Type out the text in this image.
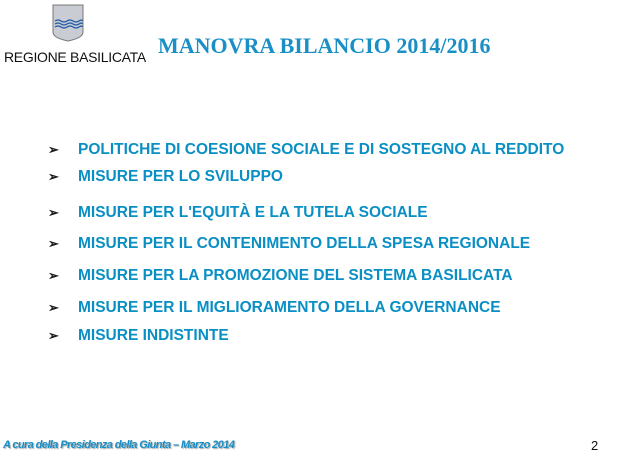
REGIONE BASILICATA MANOVRA BILANCIO 2014/2016
➢ POLITICHE DI COESIONE SOCIALE E DI SOSTEGNO AL REDDITO
➢ MISURE PER LO SVILUPPO
➢ MISURE PER L'EQUITÀ E LA TUTELA SOCIALE
➢ MISURE PER IL CONTENIMENTO DELLA SPESA REGIONALE
➢ MISURE PER LA PROMOZIONE DEL SISTEMA BASILICATA
➢ MISURE PER IL MIGLIORAMENTO DELLA GOVERNANCE
➢ MISURE INDISTINTE
A cura della Presidenza della Giunta – Marzo 2014	2
